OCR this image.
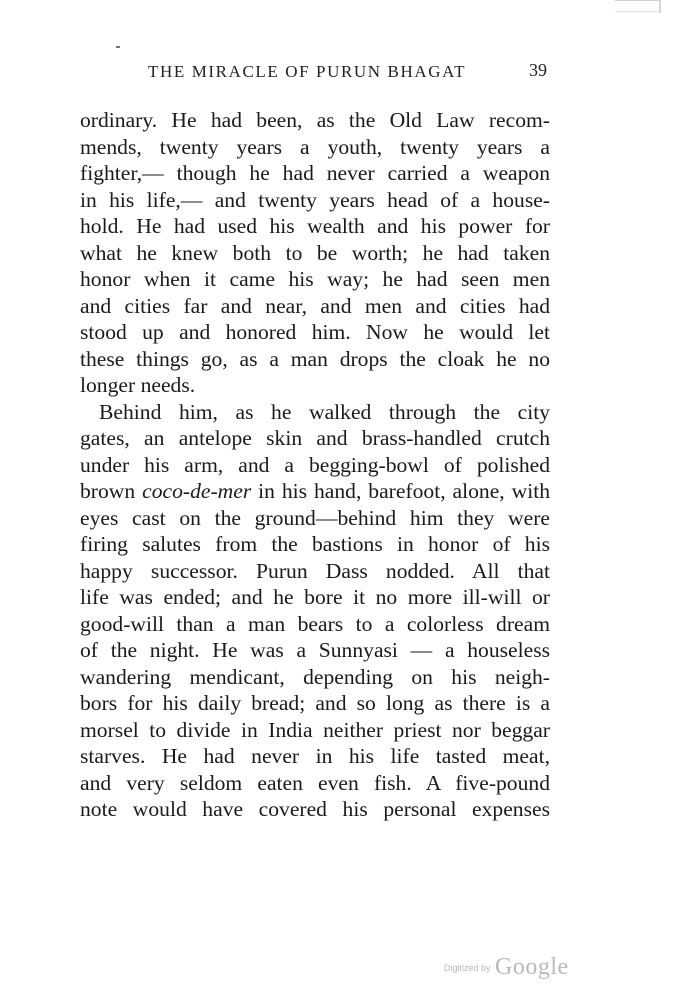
THE MIRACLE OF PURUN BHAGAT	39
ordinary. He had been, as the Old Law recom-
mends, twenty years a youth, twenty years a
fighter,— though he had never carried a weapon
in his life,— and twenty years head of a house-
hold. He had used his wealth and his power for
what he knew both to be worth; he had taken
honor when it came his way; he had seen men
and cities far and near, and men and cities had
stood up and honored him. Now he would let
these things go, as a man drops the cloak he no
longer needs.
Behind him, as he walked through the city
gates, an antelope skin and brass-handled crutch
under his arm, and a begging-bowl of polished
brown coco-de-mer in his hand, barefoot, alone, with
eyes cast on the ground—behind him they were
firing salutes from the bastions in honor of his
happy successor. Purun Dass nodded. All that
life was ended; and he bore it no more ill-will or
good-will than a man bears to a colorless dream
of the night. He was a Sunnyasi — a houseless
wandering mendicant, depending on his neigh-
bors for his daily bread; and so long as there is a
morsel to divide in India neither priest nor beggar
starves. He had never in his life tasted meat,
and very seldom eaten even fish. A five-pound
note would have covered his personal expenses
Digitized by Google
